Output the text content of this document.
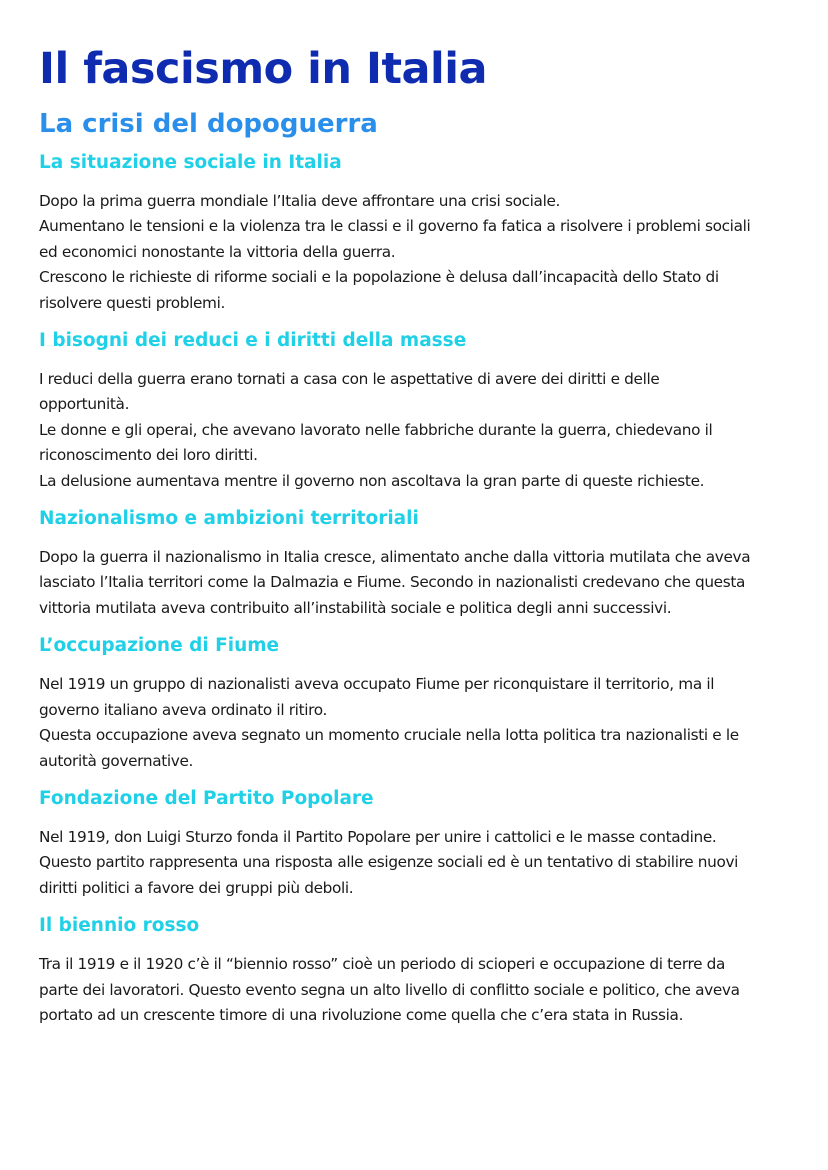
Il fascismo in Italia
La crisi del dopoguerra
La situazione sociale in Italia

Dopo la prima guerra mondiale l’Italia deve affrontare una crisi sociale.
Aumentano le tensioni e la violenza tra le classi e il governo fa fatica a risolvere i problemi sociali
ed economici nonostante la vittoria della guerra.
Crescono le richieste di riforme sociali e la popolazione è delusa dall’incapacità dello Stato di
risolvere questi problemi.

I bisogni dei reduci e i diritti della masse

I reduci della guerra erano tornati a casa con le aspettative di avere dei diritti e delle
opportunità.
Le donne e gli operai, che avevano lavorato nelle fabbriche durante la guerra, chiedevano il
riconoscimento dei loro diritti.
La delusione aumentava mentre il governo non ascoltava la gran parte di queste richieste.

Nazionalismo e ambizioni territoriali

Dopo la guerra il nazionalismo in Italia cresce, alimentato anche dalla vittoria mutilata che aveva
lasciato l’Italia territori come la Dalmazia e Fiume. Secondo in nazionalisti credevano che questa
vittoria mutilata aveva contribuito all’instabilità sociale e politica degli anni successivi.

L’occupazione di Fiume

Nel 1919 un gruppo di nazionalisti aveva occupato Fiume per riconquistare il territorio, ma il
governo italiano aveva ordinato il ritiro.
Questa occupazione aveva segnato un momento cruciale nella lotta politica tra nazionalisti e le
autorità governative.

Fondazione del Partito Popolare

Nel 1919, don Luigi Sturzo fonda il Partito Popolare per unire i cattolici e le masse contadine.
Questo partito rappresenta una risposta alle esigenze sociali ed è un tentativo di stabilire nuovi
diritti politici a favore dei gruppi più deboli.

Il biennio rosso

Tra il 1919 e il 1920 c’è il “biennio rosso” cioè un periodo di scioperi e occupazione di terre da
parte dei lavoratori. Questo evento segna un alto livello di conflitto sociale e politico, che aveva
portato ad un crescente timore di una rivoluzione come quella che c’era stata in Russia.
